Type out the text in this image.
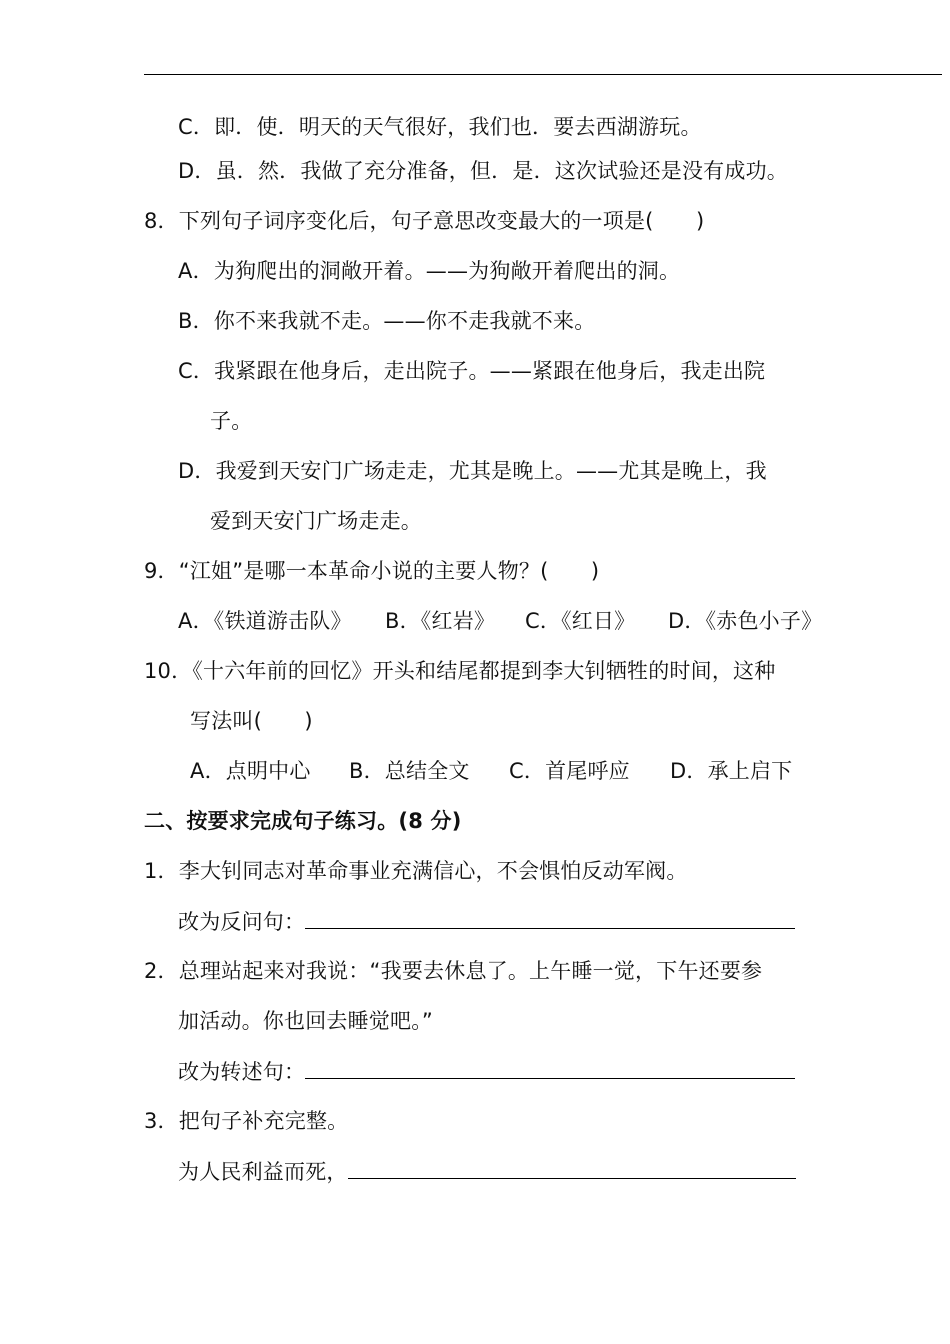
C．即．使．明天的天气很好，我们也．要去西湖游玩。
D．虽．然．我做了充分准备，但．是．这次试验还是没有成功。
8．下列句子词序变化后，句子意思改变最大的一项是(　　)
A．为狗爬出的洞敞开着。——为狗敞开着爬出的洞。
B．你不来我就不走。——你不走我就不来。
C．我紧跟在他身后，走出院子。——紧跟在他身后，我走出院
子。
D．我爱到天安门广场走走，尤其是晚上。——尤其是晚上，我
爱到天安门广场走走。
9．“江姐”是哪一本革命小说的主要人物？(　　)
A．《铁道游击队》 B．《红岩》 C．《红日》 D．《赤色小子》
10．《十六年前的回忆》开头和结尾都提到李大钊牺牲的时间，这种
写法叫(　　)
A．点明中心 B．总结全文 C．首尾呼应 D．承上启下
二、按要求完成句子练习。(8 分)
1．李大钊同志对革命事业充满信心，不会惧怕反动军阀。
改为反问句：
2．总理站起来对我说：“我要去休息了。上午睡一觉，下午还要参
加活动。你也回去睡觉吧。”
改为转述句：
3．把句子补充完整。
为人民利益而死，
